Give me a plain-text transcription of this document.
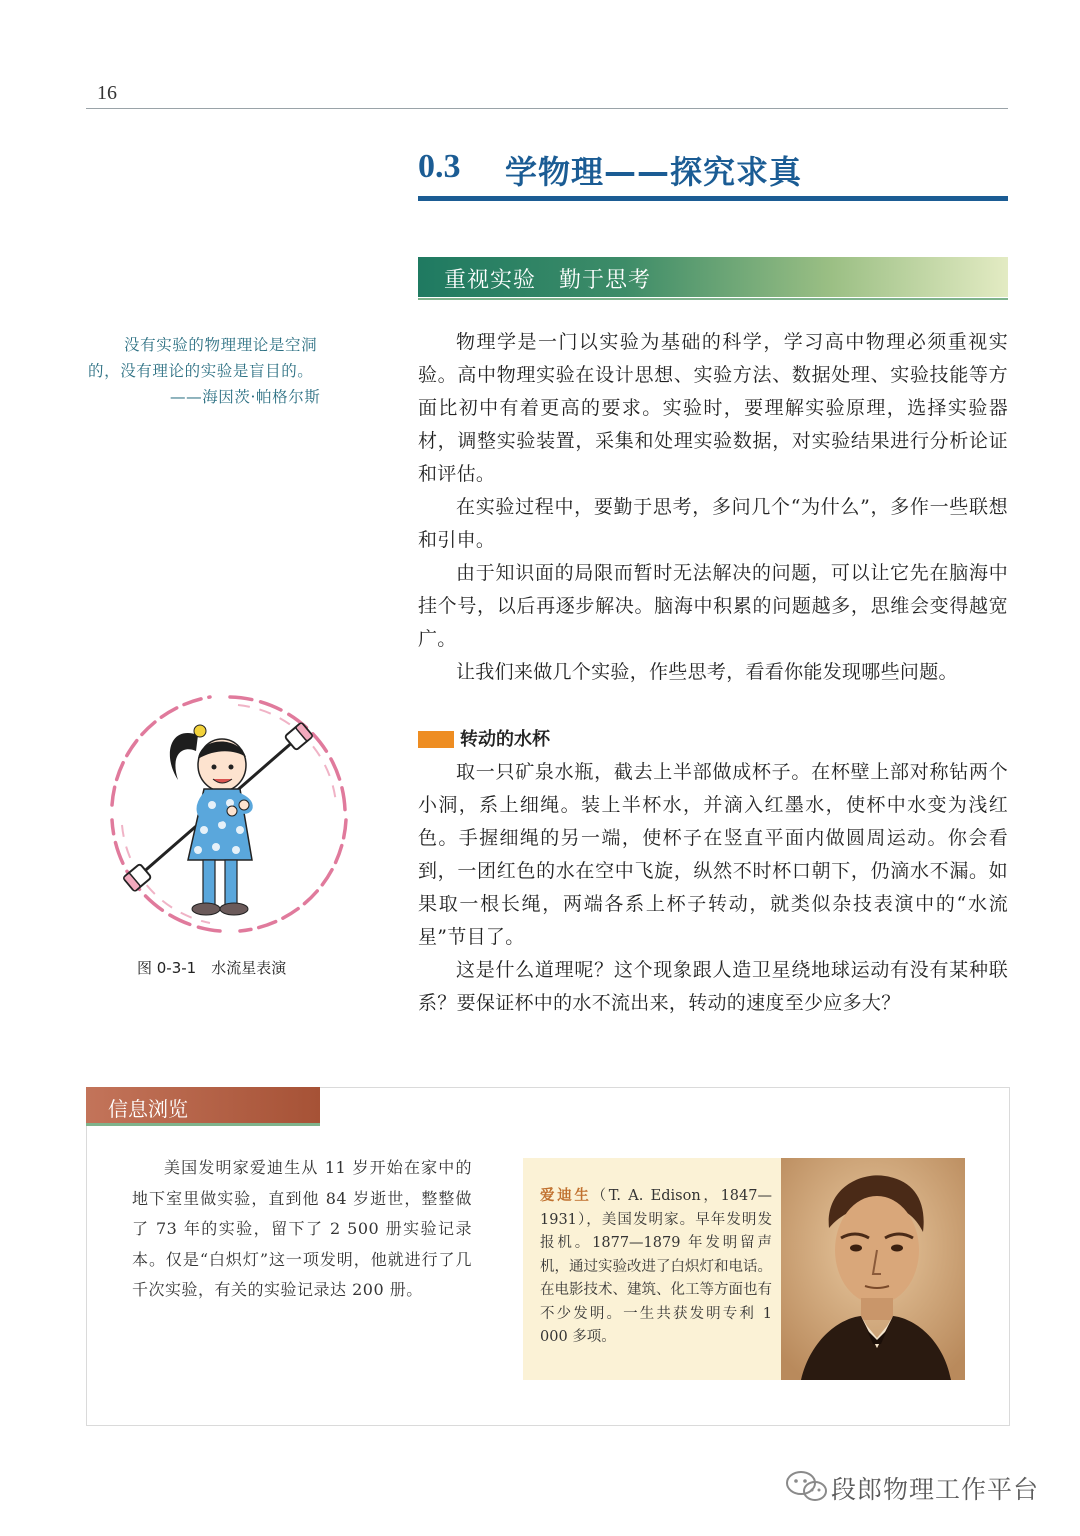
16
0.3 学物理——探究求真
重视实验　勤于思考
没有实验的物理理论是空洞
的，没有理论的实验是盲目的。
——海因茨·帕格尔斯

物理学是一门以实验为基础的科学，学习高中物理必须重视实验。高中物理实验在设计思想、实验方法、数据处理、实验技能等方面比初中有着更高的要求。实验时，要理解实验原理，选择实验器材，调整实验装置，采集和处理实验数据，对实验结果进行分析论证和评估。

在实验过程中，要勤于思考，多问几个“为什么”，多作一些联想和引申。

由于知识面的局限而暂时无法解决的问题，可以让它先在脑海中挂个号，以后再逐步解决。脑海中积累的问题越多，思维会变得越宽广。

让我们来做几个实验，作些思考，看看你能发现哪些问题。

转动的水杯

取一只矿泉水瓶，截去上半部做成杯子。在杯壁上部对称钻两个小洞，系上细绳。装上半杯水，并滴入红墨水，使杯中水变为浅红色。手握细绳的另一端，使杯子在竖直平面内做圆周运动。你会看到，一团红色的水在空中飞旋，纵然不时杯口朝下，仍滴水不漏。如果取一根长绳，两端各系上杯子转动，就类似杂技表演中的“水流星”节目了。

这是什么道理呢？这个现象跟人造卫星绕地球运动有没有某种联系？要保证杯中的水不流出来，转动的速度至少应多大？

图 0-3-1　水流星表演
信息浏览

美国发明家爱迪生从 11 岁开始在家中的地下室里做实验，直到他 84 岁逝世，整整做了 73 年的实验，留下了 2 500 册实验记录本。仅是“白炽灯”这一项发明，他就进行了几千次实验，有关的实验记录达 200 册。

爱迪生（T. A. Edison，1847—1931），美国发明家。早年发明发报机。1877—1879 年发明留声机，通过实验改进了白炽灯和电话。在电影技术、建筑、化工等方面也有不少发明。一生共获发明专利 1 000 多项。

段郎物理工作平台
